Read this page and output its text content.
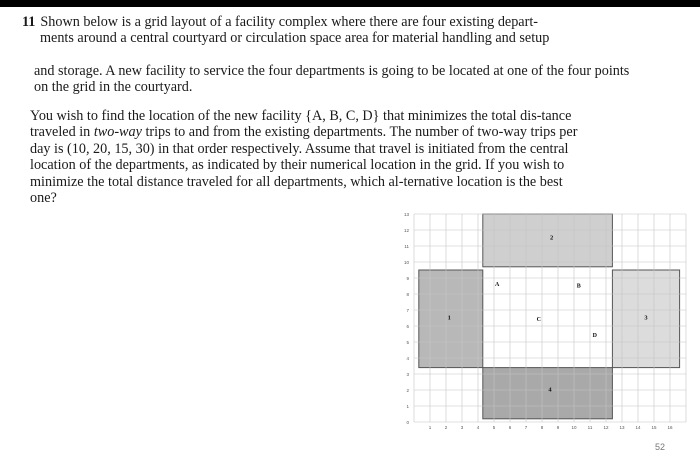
11 Shown below is a grid layout of a facility complex where there are four existing depart-
ments around a central courtyard or circulation space area for material handling and setup

and storage. A new facility to service the four departments is going to be located at one of the four points on the grid in the courtyard.

You wish to find the location of the new facility {A, B, C, D} that minimizes the total dis-tance traveled in two-way trips to and from the existing departments. The number of two-way trips per day is (10, 20, 15, 30) in that order respectively. Assume that travel is initiated from the central location of the departments, as indicated by their numerical location in the grid. If you wish to minimize the total distance traveled for all departments, which al-ternative location is the best one?

1
2
3
4
A	B
C
D
0
1
2
3
4
5
6
7
8
9
10
11
12
13
1	2	3	4	5	6	7	8	9	10 11 12 13 14 15 16
52
